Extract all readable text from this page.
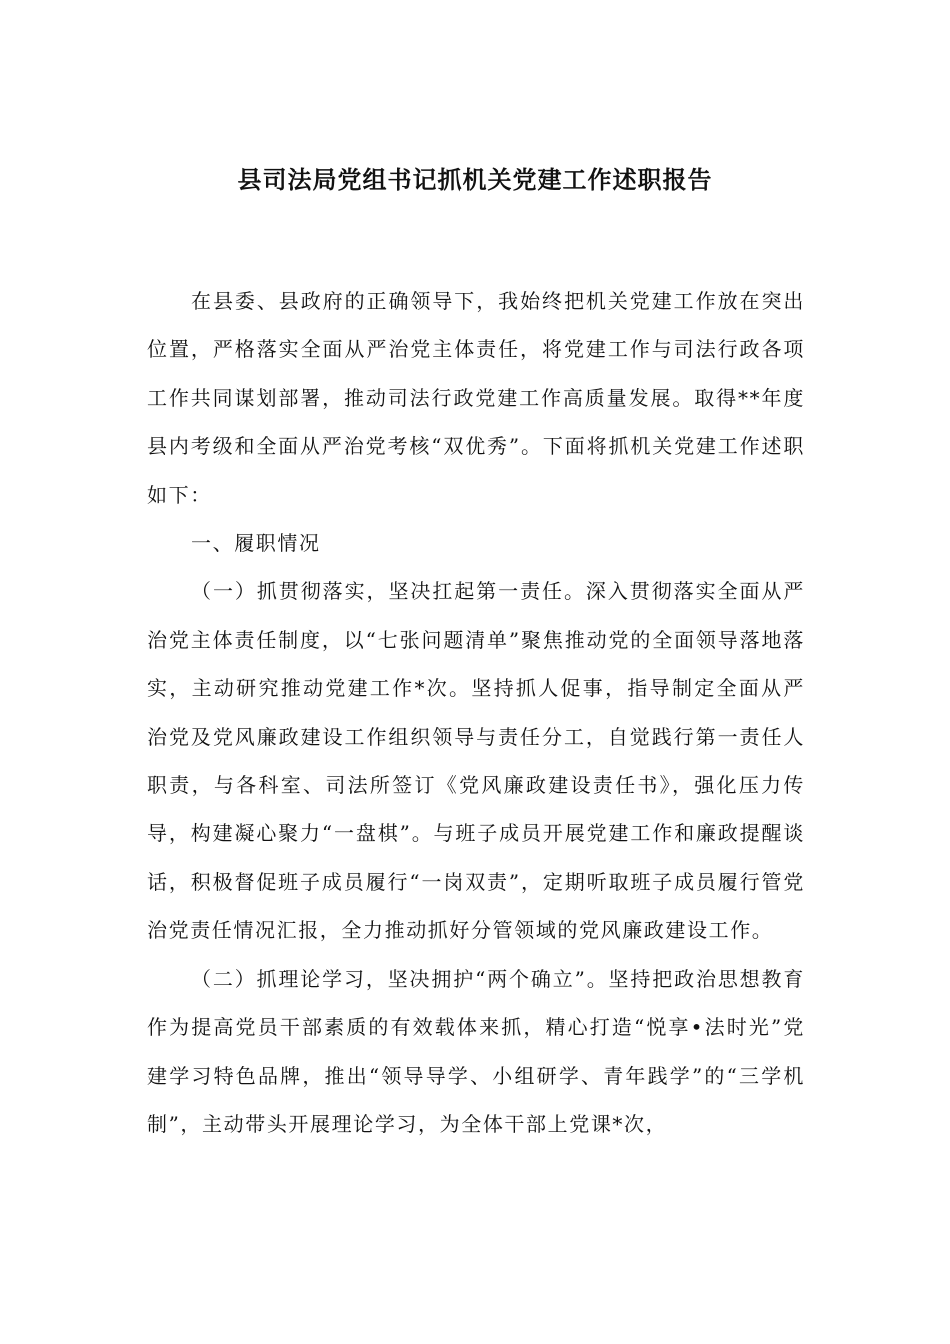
县司法局党组书记抓机关党建工作述职报告

在县委、县政府的正确领导下，我始终把机关党建工作放在突出位置，严格落实全面从严治党主体责任，将党建工作与司法行政各项工作共同谋划部署，推动司法行政党建工作高质量发展。取得**年度县内考级和全面从严治党考核“双优秀”。下面将抓机关党建工作述职如下：

一、履职情况

（一）抓贯彻落实，坚决扛起第一责任。深入贯彻落实全面从严治党主体责任制度，以“七张问题清单”聚焦推动党的全面领导落地落实，主动研究推动党建工作*次。坚持抓人促事，指导制定全面从严治党及党风廉政建设工作组织领导与责任分工，自觉践行第一责任人职责，与各科室、司法所签订《党风廉政建设责任书》，强化压力传导，构建凝心聚力“一盘棋”。与班子成员开展党建工作和廉政提醒谈话，积极督促班子成员履行“一岗双责”，定期听取班子成员履行管党治党责任情况汇报，全力推动抓好分管领域的党风廉政建设工作。

（二）抓理论学习，坚决拥护“两个确立”。坚持把政治思想教育作为提高党员干部素质的有效载体来抓，精心打造“悦享•法时光”党建学习特色品牌，推出“领导导学、小组研学、青年践学”的“三学机制”，主动带头开展理论学习，为全体干部上党课*次，
